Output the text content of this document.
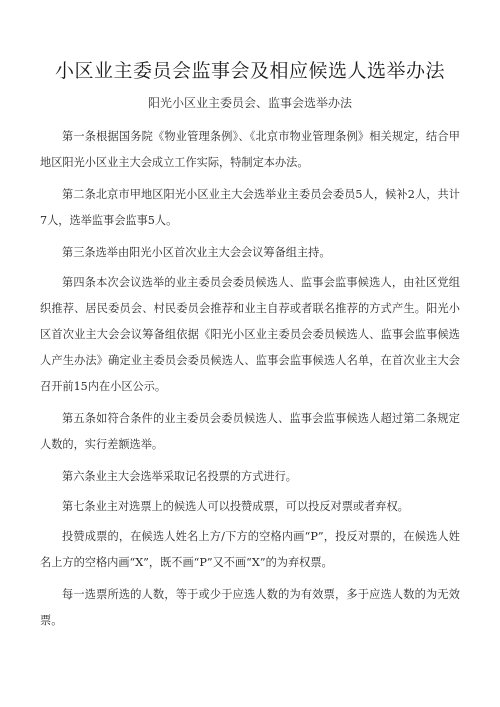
小区业主委员会监事会及相应候选人选举办法
阳光小区业主委员会、监事会选举办法

第一条根据国务院《物业管理条例》、《北京市物业管理条例》相关规定，结合甲地区阳光小区业主大会成立工作实际，特制定本办法。

第二条北京市甲地区阳光小区业主大会选举业主委员会委员5人，候补2人，共计7人，选举监事会监事5人。

第三条选举由阳光小区首次业主大会会议筹备组主持。

第四条本次会议选举的业主委员会委员候选人、监事会监事候选人，由社区党组织推荐、居民委员会、村民委员会推荐和业主自荐或者联名推荐的方式产生。阳光小区首次业主大会会议筹备组依据《阳光小区业主委员会委员候选人、监事会监事候选人产生办法》确定业主委员会委员候选人、监事会监事候选人名单，在首次业主大会召开前15内在小区公示。

第五条如符合条件的业主委员会委员候选人、监事会监事候选人超过第二条规定人数的，实行差额选举。

第六条业主大会选举采取记名投票的方式进行。

第七条业主对选票上的候选人可以投赞成票，可以投反对票或者弃权。

投赞成票的，在候选人姓名上方/下方的空格内画“P”，投反对票的，在候选人姓名上方的空格内画“X”，既不画“P”又不画“X”的为弃权票。

每一选票所选的人数，等于或少于应选人数的为有效票，多于应选人数的为无效票。
